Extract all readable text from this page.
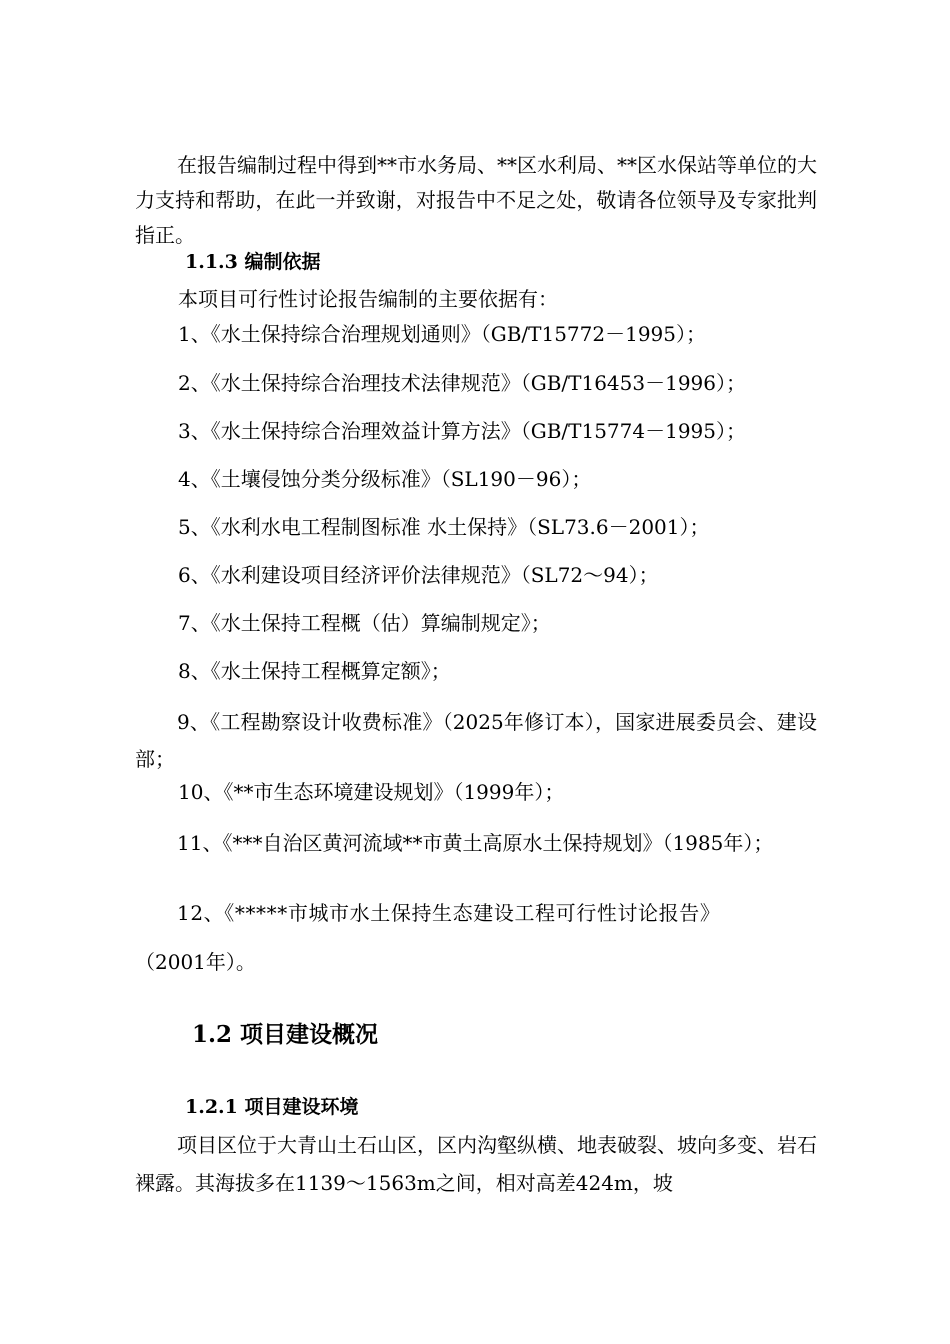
在报告编制过程中得到**市水务局、**区水利局、**区水保站等单位的大力支持和帮助，在此一并致谢，对报告中不足之处，敬请各位领导及专家批判指正。

1.1.3 编制依据

本项目可行性讨论报告编制的主要依据有：

1、《水土保持综合治理规划通则》（GB/T15772－1995）；

2、《水土保持综合治理技术法律规范》（GB/T16453－1996）；

3、《水土保持综合治理效益计算方法》（GB/T15774－1995）；

4、《土壤侵蚀分类分级标准》（SL190－96）；

5、《水利水电工程制图标准 水土保持》（SL73.6－2001）；

6、《水利建设项目经济评价法律规范》（SL72～94）；

7、《水土保持工程概（估）算编制规定》；

8、《水土保持工程概算定额》；

9、《工程勘察设计收费标准》（2025年修订本），国家进展委员会、建设部；

10、《**市生态环境建设规划》（1999年）；

11、《***自治区黄河流域**市黄土高原水土保持规划》（1985年）；

12、《*****市城市水土保持生态建设工程可行性讨论报告》

（2001年）。

1.2 项目建设概况
1.2.1 项目建设环境

项目区位于大青山土石山区，区内沟壑纵横、地表破裂、坡向多变、岩石裸露。其海拔多在1139～1563m之间，相对高差424m，坡
